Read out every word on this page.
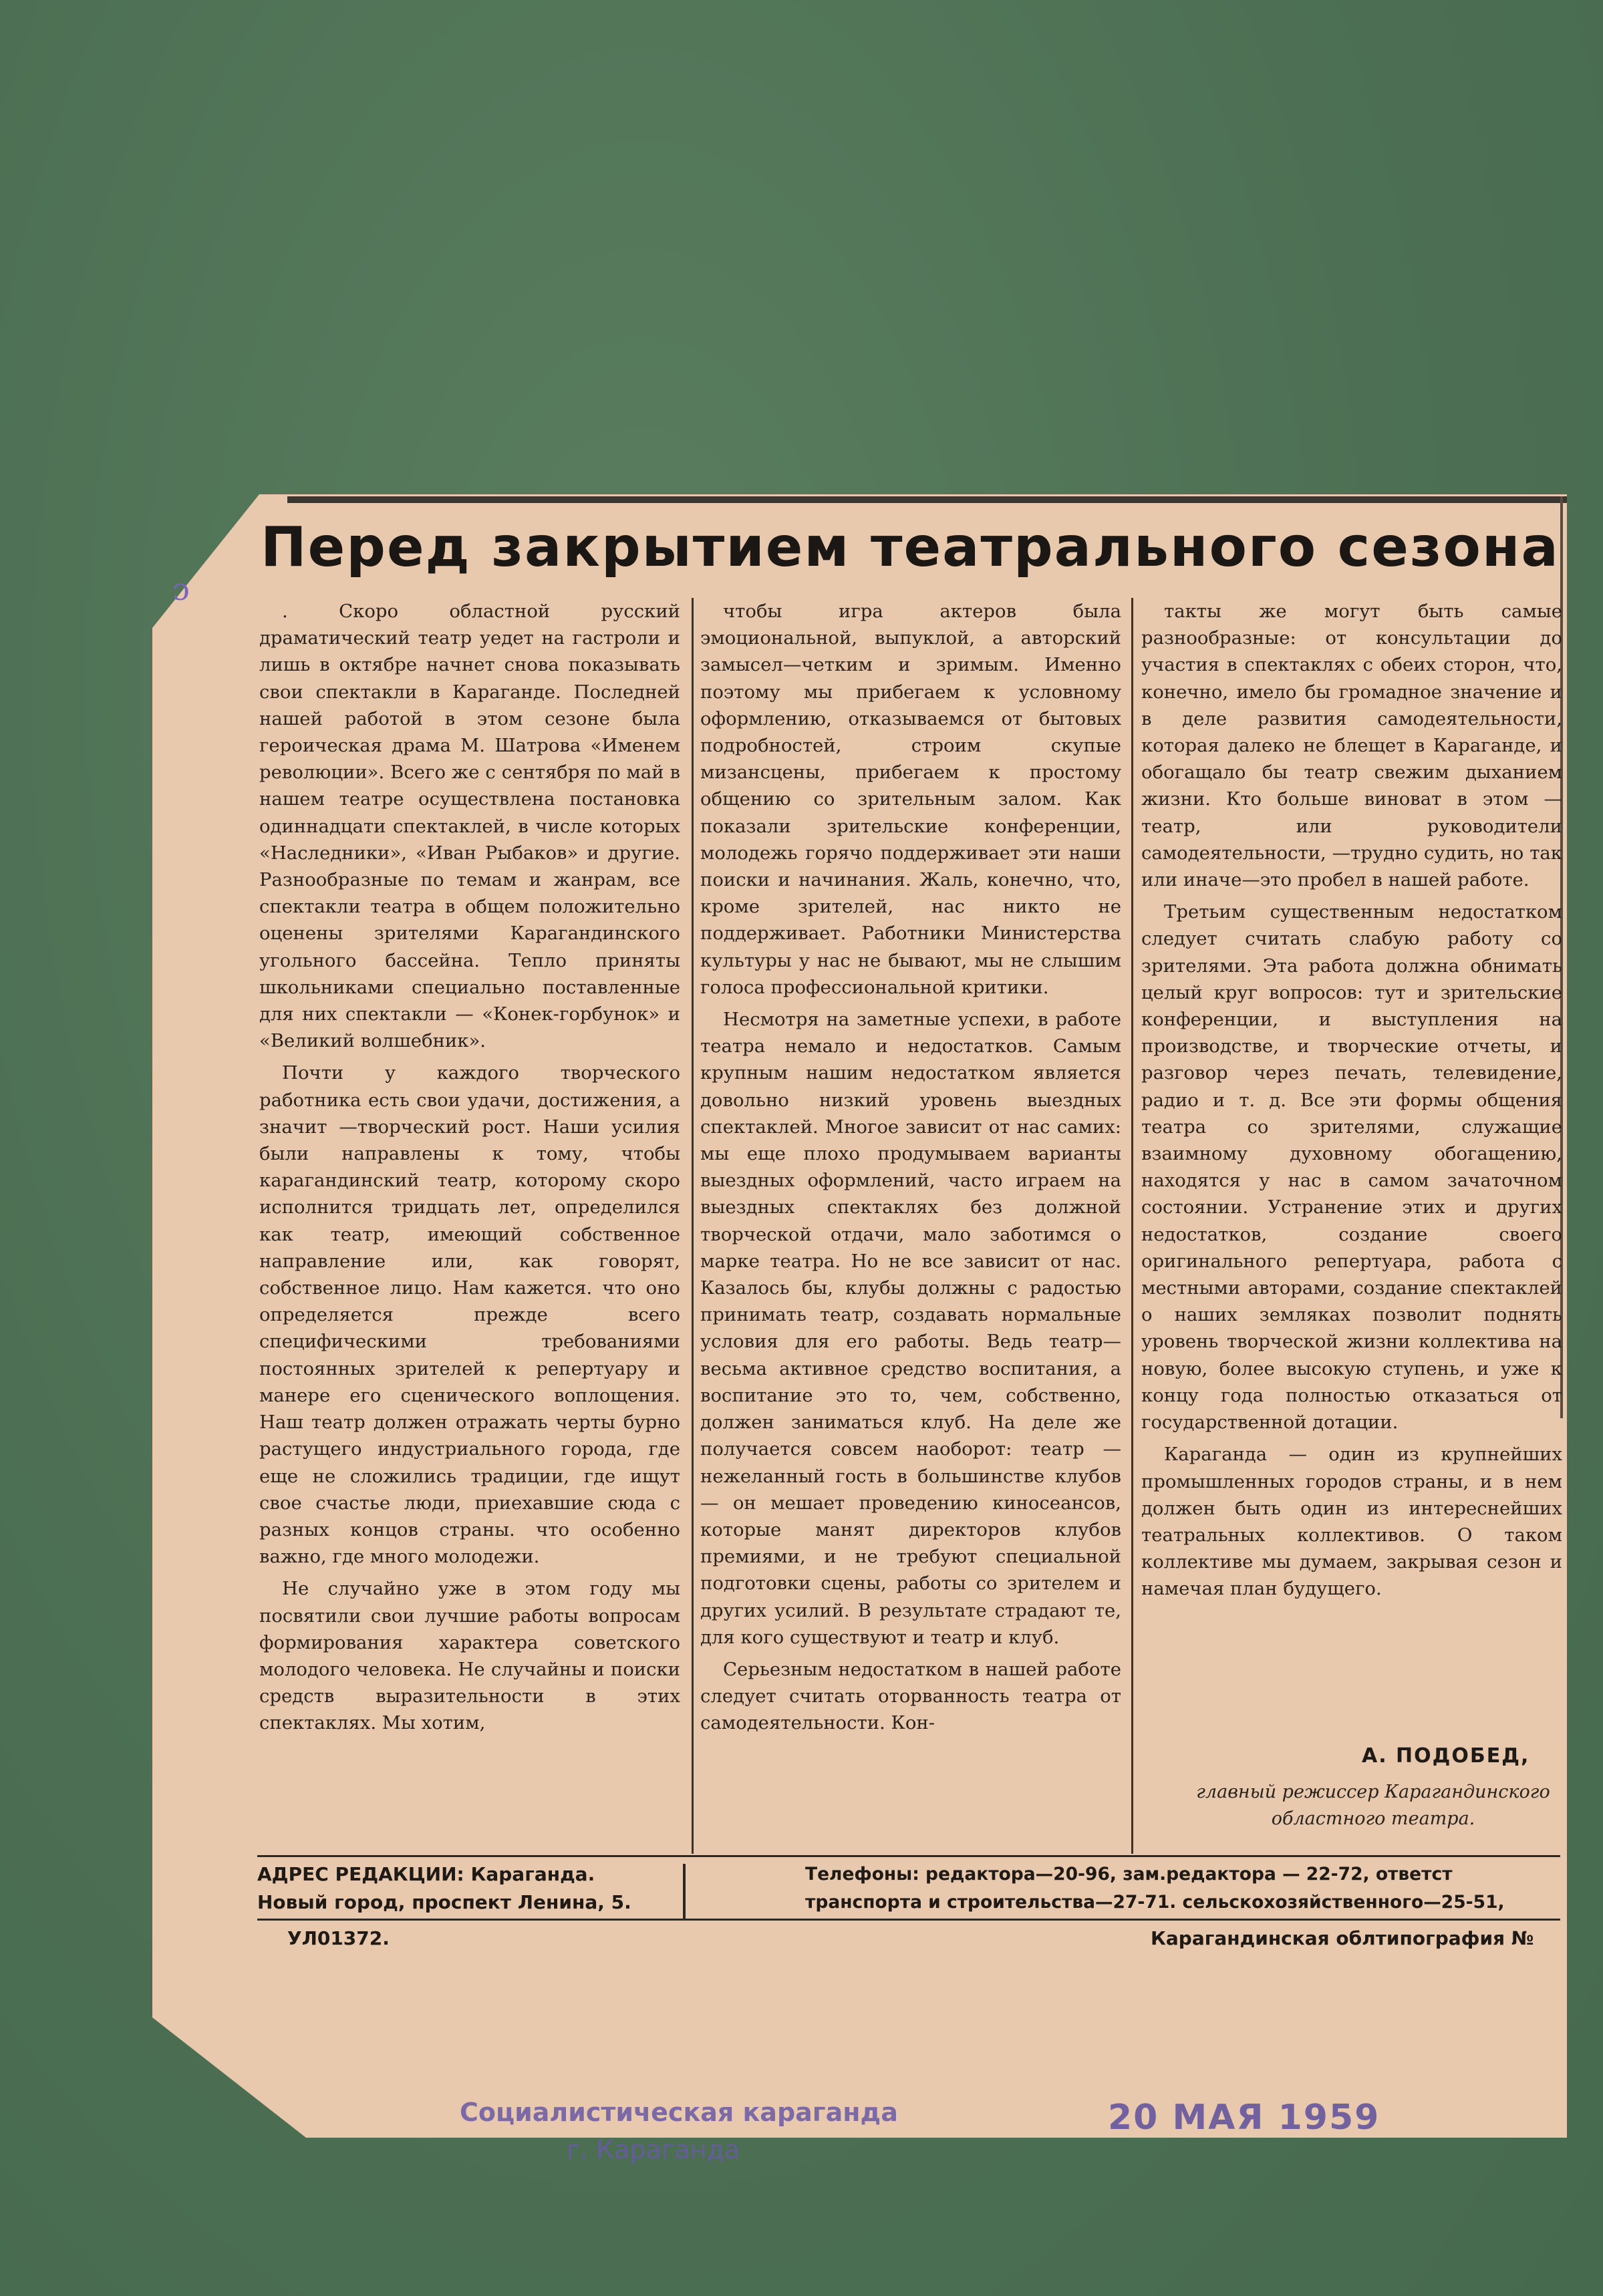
ɔ
Перед закрытием театрального сезона

. Скоро областной русский драматический театр уедет на гастроли и лишь в октябре начнет снова показывать свои спектакли в Караганде. Последней нашей работой в этом сезоне была героическая драма М. Шатрова «Именем революции». Всего же с сентября по май в нашем театре осуществлена постановка одиннадцати спектаклей, в числе которых «Наследники», «Иван Рыбаков» и другие. Разнообразные по темам и жанрам, все спектакли театра в общем положительно оценены зрителями Карагандинского угольного бассейна. Тепло приняты школьниками специально поставленные для них спектакли — «Конек-горбунок» и «Великий волшебник».

Почти у каждого творческого работника есть свои удачи, достижения, а значит —творческий рост. Наши усилия были направлены к тому, чтобы карагандинский театр, которому скоро исполнится тридцать лет, определился как театр, имеющий собственное направление или, как говорят, собственное лицо. Нам кажется. что оно определяется прежде всего специфическими требованиями постоянных зрителей к репертуару и манере его сценического воплощения. Наш театр должен отражать черты бурно растущего индустриального города, где еще не сложились традиции, где ищут свое счастье люди, приехавшие сюда с разных концов страны. что особенно важно, где много молодежи.

Не случайно уже в этом году мы посвятили свои лучшие работы вопросам формирования характера советского молодого человека. Не случайны и поиски средств выразительности в этих спектаклях. Мы хотим,

чтобы игра актеров была эмоциональной, выпуклой, а авторский замысел—четким и зримым. Именно поэтому мы прибегаем к условному оформлению, отказываемся от бытовых подробностей, строим скупые мизансцены, прибегаем к простому общению со зрительным залом. Как показали зрительские конференции, молодежь горячо поддерживает эти наши поиски и начинания. Жаль, конечно, что, кроме зрителей, нас никто не поддерживает. Работники Министерства культуры у нас не бывают, мы не слышим голоса профессиональной критики.

Несмотря на заметные успехи, в работе театра немало и недостатков. Самым крупным нашим недостатком является довольно низкий уровень выездных спектаклей. Многое зависит от нас самих: мы еще плохо продумываем варианты выездных оформлений, часто играем на выездных спектаклях без должной творческой отдачи, мало заботимся о марке театра. Но не все зависит от нас. Казалось бы, клубы должны с радостью принимать театр, создавать нормальные условия для его работы. Ведь театр—весьма активное средство воспитания, а воспитание это то, чем, собственно, должен заниматься клуб. На деле же получается совсем наоборот: театр — нежеланный гость в большинстве клубов — он мешает проведению киносеансов, которые манят директоров клубов премиями, и не требуют специальной подготовки сцены, работы со зрителем и других усилий. В результате страдают те, для кого существуют и театр и клуб.

Серьезным недостатком в нашей работе следует считать оторванность театра от самодеятельности. Кон-

такты же могут быть самые разнообразные: от консультации до участия в спектаклях с обеих сторон, что, конечно, имело бы громадное значение и в деле развития самодеятельности, которая далеко не блещет в Караганде, и обогащало бы театр свежим дыханием жизни. Кто больше виноват в этом — театр, или руководители самодеятельности, —трудно судить, но так или иначе—это пробел в нашей работе.

Третьим существенным недостатком следует считать слабую работу со зрителями. Эта работа должна обнимать целый круг вопросов: тут и зрительские конференции, и выступления на производстве, и творческие отчеты, и разговор через печать, телевидение, радио и т. д. Все эти формы общения театра со зрителями, служащие взаимному духовному обогащению, находятся у нас в самом зачаточном состоянии. Устранение этих и других недостатков, создание своего оригинального репертуара, работа с местными авторами, создание спектаклей о наших земляках позволит поднять уровень творческой жизни коллектива на новую, более высокую ступень, и уже к концу года полностью отказаться от государственной дотации.

Караганда — один из крупнейших промышленных городов страны, и в нем должен быть один из интереснейших театральных коллективов. О таком коллективе мы думаем, закрывая сезон и намечая план будущего.

А. ПОДОБЕД,
главный режиссер Карагандинского областного театра.
АДРЕС РЕДАКЦИИ: Караганда.
Новый город, проспект Ленина, 5.
Телефоны: редактора—20-96, зам.редактора — 22-72, ответст
транспорта и строительства—27-71. сельскохозяйственного—25-51,
УЛ01372.	Карагандинская облтипография №
Социалистическая караганда
г. Караганда
20 МАЯ 1959
